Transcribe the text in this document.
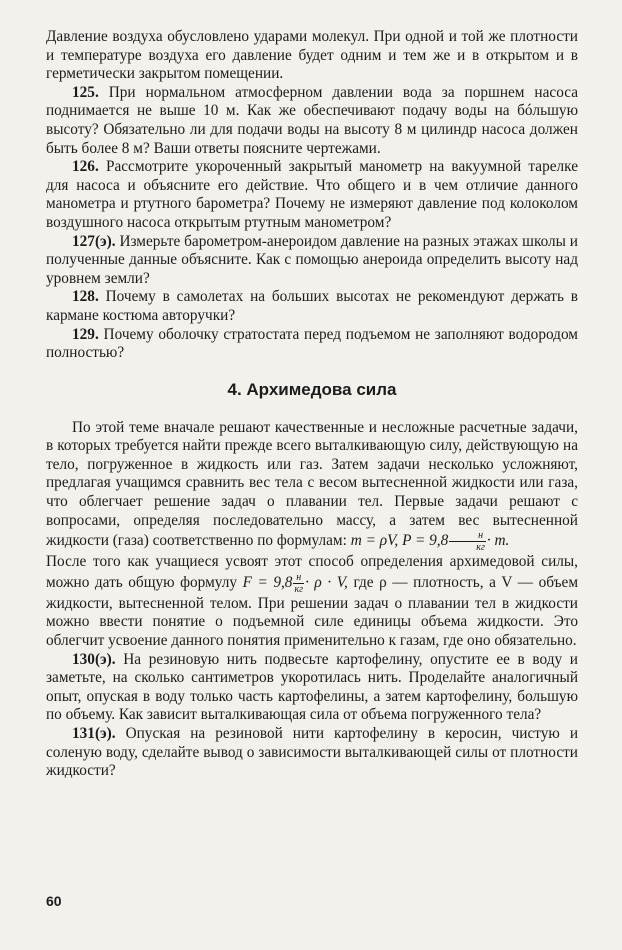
Давление воздуха обусловлено ударами молекул. При одной и той же плотности и температуре воздуха его давление будет одним и тем же и в открытом и в герметически закрытом помещении.

125. При нормальном атмосферном давлении вода за поршнем насоса поднимается не выше 10 м. Как же обеспечивают подачу воды на бóльшую высоту? Обязательно ли для подачи воды на высоту 8 м цилиндр насоса должен быть более 8 м? Ваши ответы поясните чертежами.

126. Рассмотрите укороченный закрытый манометр на вакуумной тарелке для насоса и объясните его действие. Что общего и в чем отличие данного манометра и ртутного барометра? Почему не измеряют давление под колоколом воздушного насоса открытым ртутным манометром?

127(э). Измерьте барометром-анероидом давление на разных этажах школы и полученные данные объясните. Как с помощью анероида определить высоту над уровнем земли?

128. Почему в самолетах на больших высотах не рекомендуют держать в кармане костюма авторучки?

129. Почему оболочку стратостата перед подъемом не заполняют водородом полностью?

4. Архимедова сила

По этой теме вначале решают качественные и несложные расчетные задачи, в которых требуется найти прежде всего выталкивающую силу, действующую на тело, погруженное в жидкость или газ. Затем задачи несколько усложняют, предлагая учащимся сравнить вес тела с весом вытесненной жидкости или газа, что облегчает решение задач о плавании тел. Первые задачи решают с вопросами, определяя последовательно массу, а затем вес вытесненной жидкости (газа) соответственно по формулам: m = ρV, $P = 9,8 \frac{н}{кг} \cdot m$.

После того как учащиеся усвоят этот способ определения архимедовой силы, можно дать общую формулу $F = 9,8 \frac{н}{кг} \cdot \rho \cdot V$, где ρ — плотность, а V — объем жидкости, вытесненной телом. При решении задач о плавании тел в жидкости можно ввести понятие о подъемной силе единицы объема жидкости. Это облегчит усвоение данного понятия применительно к газам, где оно обязательно.

130(э). На резиновую нить подвесьте картофелину, опустите ее в воду и заметьте, на сколько сантиметров укоротилась нить. Проделайте аналогичный опыт, опуская в воду только часть картофелины, а затем картофелину, большую по объему. Как зависит выталкивающая сила от объема погруженного тела?

131(э). Опуская на резиновой нити картофелину в керосин, чистую и соленую воду, сделайте вывод о зависимости выталкивающей силы от плотности жидкости?

60
